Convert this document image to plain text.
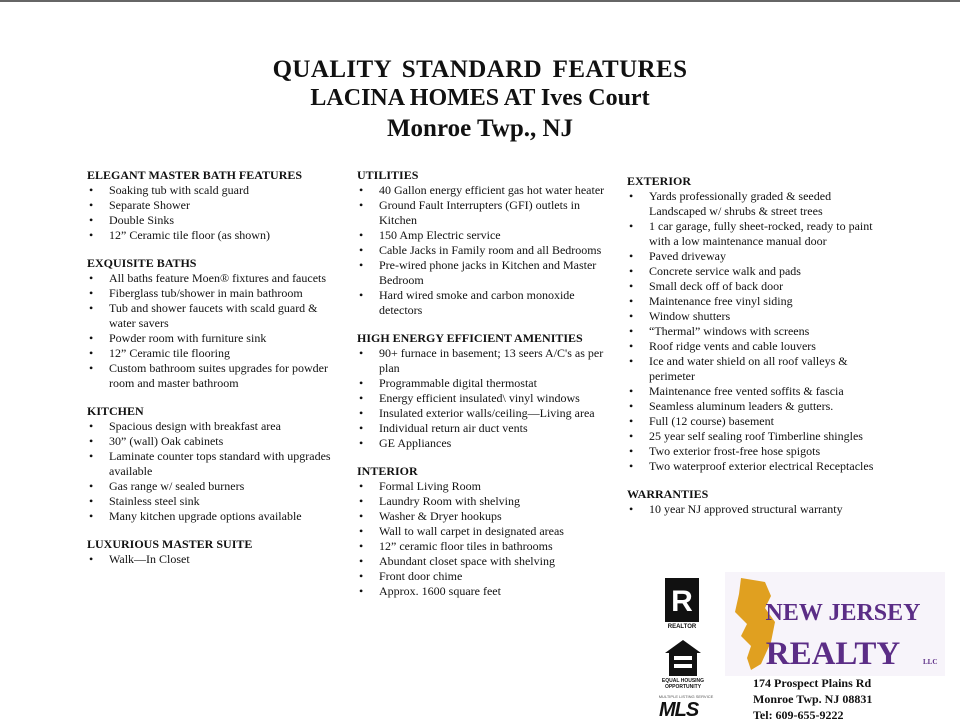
QUALITY STANDARD FEATURES
LACINA HOMES AT Ives Court
Monroe Twp., NJ
ELEGANT MASTER BATH FEATURES
• Soaking tub with scald guard
• Separate Shower
• Double Sinks
• 12” Ceramic tile floor (as shown)
EXQUISITE BATHS
• All baths feature Moen® fixtures and faucets
• Fiberglass tub/shower in main bathroom
• Tub and shower faucets with scald guard & water savers
• Powder room with furniture sink
• 12” Ceramic tile flooring
• Custom bathroom suites upgrades for powder room and master bathroom
KITCHEN
• Spacious design with breakfast area
• 30” (wall) Oak cabinets
• Laminate counter tops standard with upgrades available
• Gas range w/ sealed burners
• Stainless steel sink
• Many kitchen upgrade options available
LUXURIOUS MASTER SUITE
• Walk—In Closet
UTILITIES
• 40 Gallon energy efficient gas hot water heater
• Ground Fault Interrupters (GFI) outlets in Kitchen
• 150 Amp Electric service
• Cable Jacks in Family room and all Bedrooms
• Pre-wired phone jacks in Kitchen and Master Bedroom
• Hard wired smoke and carbon monoxide detectors
HIGH ENERGY EFFICIENT AMENITIES
• 90+ furnace in basement; 13 seers A/C's as per plan
• Programmable digital thermostat
• Energy efficient insulated\ vinyl windows
• Insulated exterior walls/ceiling—Living area
• Individual return air duct vents
• GE Appliances
INTERIOR
• Formal Living Room
• Laundry Room with shelving
• Washer & Dryer hookups
• Wall to wall carpet in designated areas
• 12” ceramic floor tiles in bathrooms
• Abundant closet space with shelving
• Front door chime
• Approx. 1600 square feet
EXTERIOR
• Yards professionally graded & seeded Landscaped w/ shrubs & street trees
• 1 car garage, fully sheet-rocked, ready to paint with a low maintenance manual door
• Paved driveway
• Concrete service walk and pads
• Small deck off of back door
• Maintenance free vinyl siding
• Window shutters
• “Thermal” windows with screens
• Roof ridge vents and cable louvers
• Ice and water shield on all roof valleys & perimeter
• Maintenance free vented soffits & fascia
• Seamless aluminum leaders & gutters.
• Full (12 course) basement
• 25 year self sealing roof Timberline shingles
• Two exterior frost-free hose spigots
• Two waterproof exterior electrical Receptacles
WARRANTIES
• 10 year NJ approved structural warranty
R
REALTOR
EQUAL HOUSING OPPORTUNITY
MULTIPLE LISTING SERVICE
MLS
NEW JERSEY
REALTY	LLC
174 Prospect Plains Rd
Monroe Twp. NJ 08831
Tel: 609-655-9222
